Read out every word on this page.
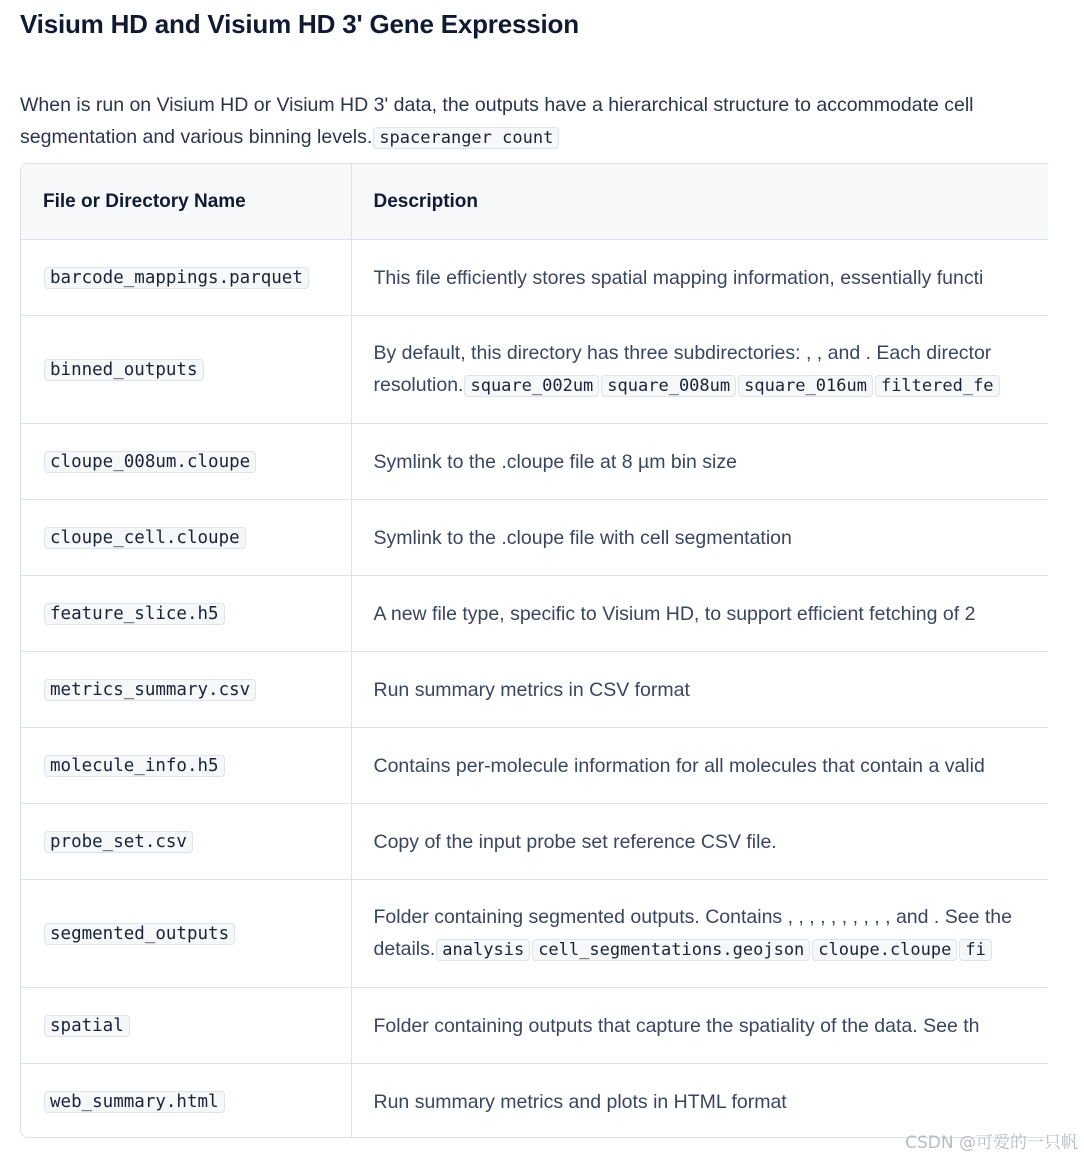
Visium HD and Visium HD 3' Gene Expression

When is run on Visium HD or Visium HD 3' data, the outputs have a hierarchical structure to accommodate cell segmentation and various binning levels. spaceranger count

File or Directory Name	Description
barcode_mappings.parquet	This file efficiently stores spatial mapping information, essentially functi

binned_outputs	By default, this directory has three subdirectories: , , and . Each director
resolution. square_002um square_008um square_016um filtered_fe

cloupe_008um.cloupe	Symlink to the .cloupe file at 8 µm bin size

cloupe_cell.cloupe	Symlink to the .cloupe file with cell segmentation

feature_slice.h5	A new file type, specific to Visium HD, to support efficient fetching of 2

metrics_summary.csv	Run summary metrics in CSV format

molecule_info.h5	Contains per-molecule information for all molecules that contain a valid

probe_set.csv	Copy of the input probe set reference CSV file.

segmented_outputs	Folder containing segmented outputs. Contains , , , , , , , , , , and . See the
details. analysis cell_segmentations.geojson cloupe.cloupe fi

spatial	Folder containing outputs that capture the spatiality of the data. See th

web_summary.html	Run summary metrics and plots in HTML format
CSDN @可爱的一只帆
